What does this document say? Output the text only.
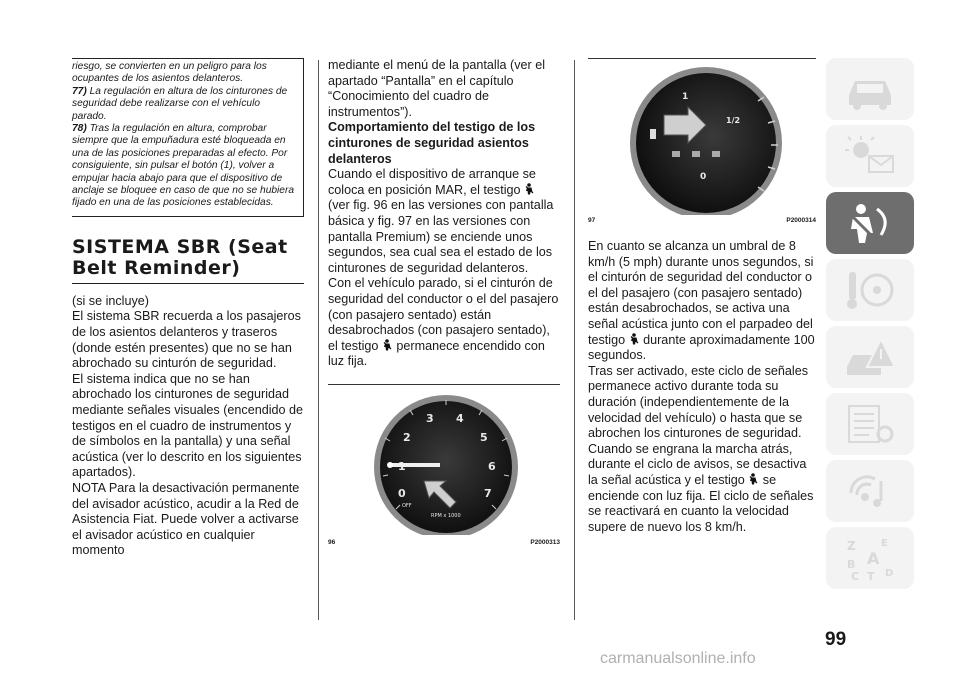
riesgo, se convierten en un peligro para los ocupantes de los asientos delanteros.

77) La regulación en altura de los cinturones de seguridad debe realizarse con el vehículo parado.

78) Tras la regulación en altura, comprobar siempre que la empuñadura esté bloqueada en una de las posiciones preparadas al efecto. Por consiguiente, sin pulsar el botón (1), volver a empujar hacia abajo para que el dispositivo de anclaje se bloquee en caso de que no se hubiera fijado en una de las posiciones establecidas.

SISTEMA SBR (Seat Belt Reminder)

(si se incluye)

El sistema SBR recuerda a los pasajeros de los asientos delanteros y traseros (donde estén presentes) que no se han abrochado su cinturón de seguridad.

El sistema indica que no se han abrochado los cinturones de seguridad mediante señales visuales (encendido de testigos en el cuadro de instrumentos y de símbolos en la pantalla) y una señal acústica (ver lo descrito en los siguientes apartados).

NOTA Para la desactivación permanente del avisador acústico, acudir a la Red de Asistencia Fiat. Puede volver a activarse el avisador acústico en cualquier momento

mediante el menú de la pantalla (ver el apartado “Pantalla” en el capítulo “Conocimiento del cuadro de instrumentos”).

Comportamiento del testigo de los cinturones de seguridad asientos delanteros

Cuando el dispositivo de arranque se coloca en posición MAR, el testigo  (ver fig. 96 en las versiones con pantalla básica y fig. 97 en las versiones con pantalla Premium) se enciende unos segundos, sea cual sea el estado de los cinturones de seguridad delanteros.

Con el vehículo parado, si el cinturón de seguridad del conductor o el del pasajero (con pasajero sentado) están desabrochados (con pasajero sentado), el testigo  permanece encendido con luz fija.

0
2
3 4
5
6
7
OFF
RPM x 1000
96	P2000313
1
1/2
0
97	P2000314

En cuanto se alcanza un umbral de 8 km/h (5 mph) durante unos segundos, si el cinturón de seguridad del conductor o el del pasajero (con pasajero sentado) están desabrochados, se activa una señal acústica junto con el parpadeo del testigo  durante aproximadamente 100 segundos.

Tras ser activado, este ciclo de señales permanece activo durante toda su duración (independientemente de la velocidad del vehículo) o hasta que se abrochen los cinturones de seguridad.

Cuando se engrana la marcha atrás, durante el ciclo de avisos, se desactiva la señal acústica y el testigo  se enciende con luz fija. El ciclo de señales se reactivará en cuanto la velocidad supere de nuevo los 8 km/h.

Z	E
B A
C T D
99
carmanualsonline.info
